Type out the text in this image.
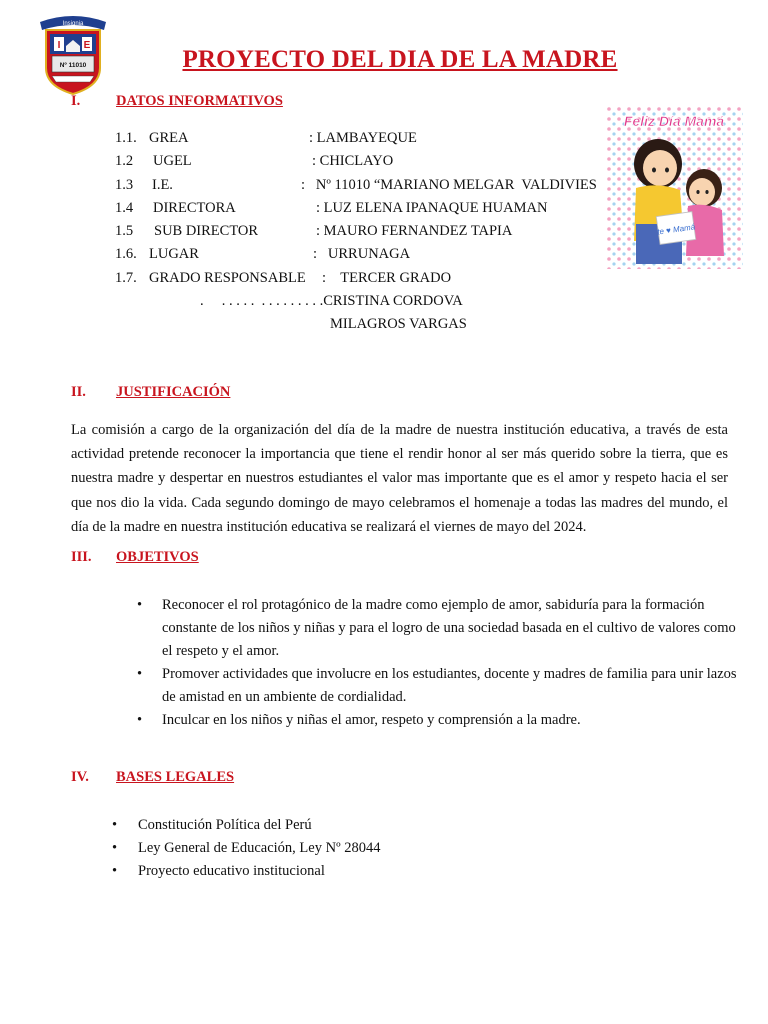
Insignia
I E
Nº 11010	PROYECTO DEL DIA DE LA MADRE
I. DATOS INFORMATIVOS
1.1. GREA	: LAMBAYEQUE
1.2 UGEL	: CHICLAYO
1.3 I.E.	:   Nº 11010 “MARIANO MELGAR  VALDIVIES
1.4 DIRECTORA	: LUZ ELENA IPANAQUE HUAMAN
1.5 SUB DIRECTOR	: MAURO FERNANDEZ TAPIA
1.6. LUGAR	:   URRUNAGA
1.7. GRADO RESPONSABLE :    TERCER GRADO
.     . . . . .  . . . . . . . . .CRISTINA CORDOVA
MILAGROS VARGAS
Feliz Día Mamá
te ♥ Mamá
II. JUSTIFICACIÓN
La comisión a cargo de la organización del día de la madre de nuestra institución educativa, a través de esta actividad pretende reconocer la importancia que tiene el rendir honor al ser más querido sobre la tierra, que es nuestra madre y despertar en nuestros estudiantes el valor mas importante que es el amor y respeto hacia el ser que nos dio la vida. Cada segundo domingo de mayo celebramos el homenaje a todas las madres del mundo, el día de la madre en nuestra institución educativa se realizará el viernes de mayo del 2024.
III. OBJETIVOS
• Reconocer el rol protagónico de la madre como ejemplo de amor, sabiduría para la formación constante de los niños y niñas y para el logro de una sociedad basada en el cultivo de valores como el respeto y el amor.
• Promover actividades que involucre en los estudiantes, docente y madres de familia para unir lazos de amistad en un ambiente de cordialidad.
• Inculcar en los niños y niñas el amor, respeto y comprensión a la madre.
IV. BASES LEGALES
• Constitución Política del Perú
• Ley General de Educación, Ley Nº 28044
• Proyecto educativo institucional
